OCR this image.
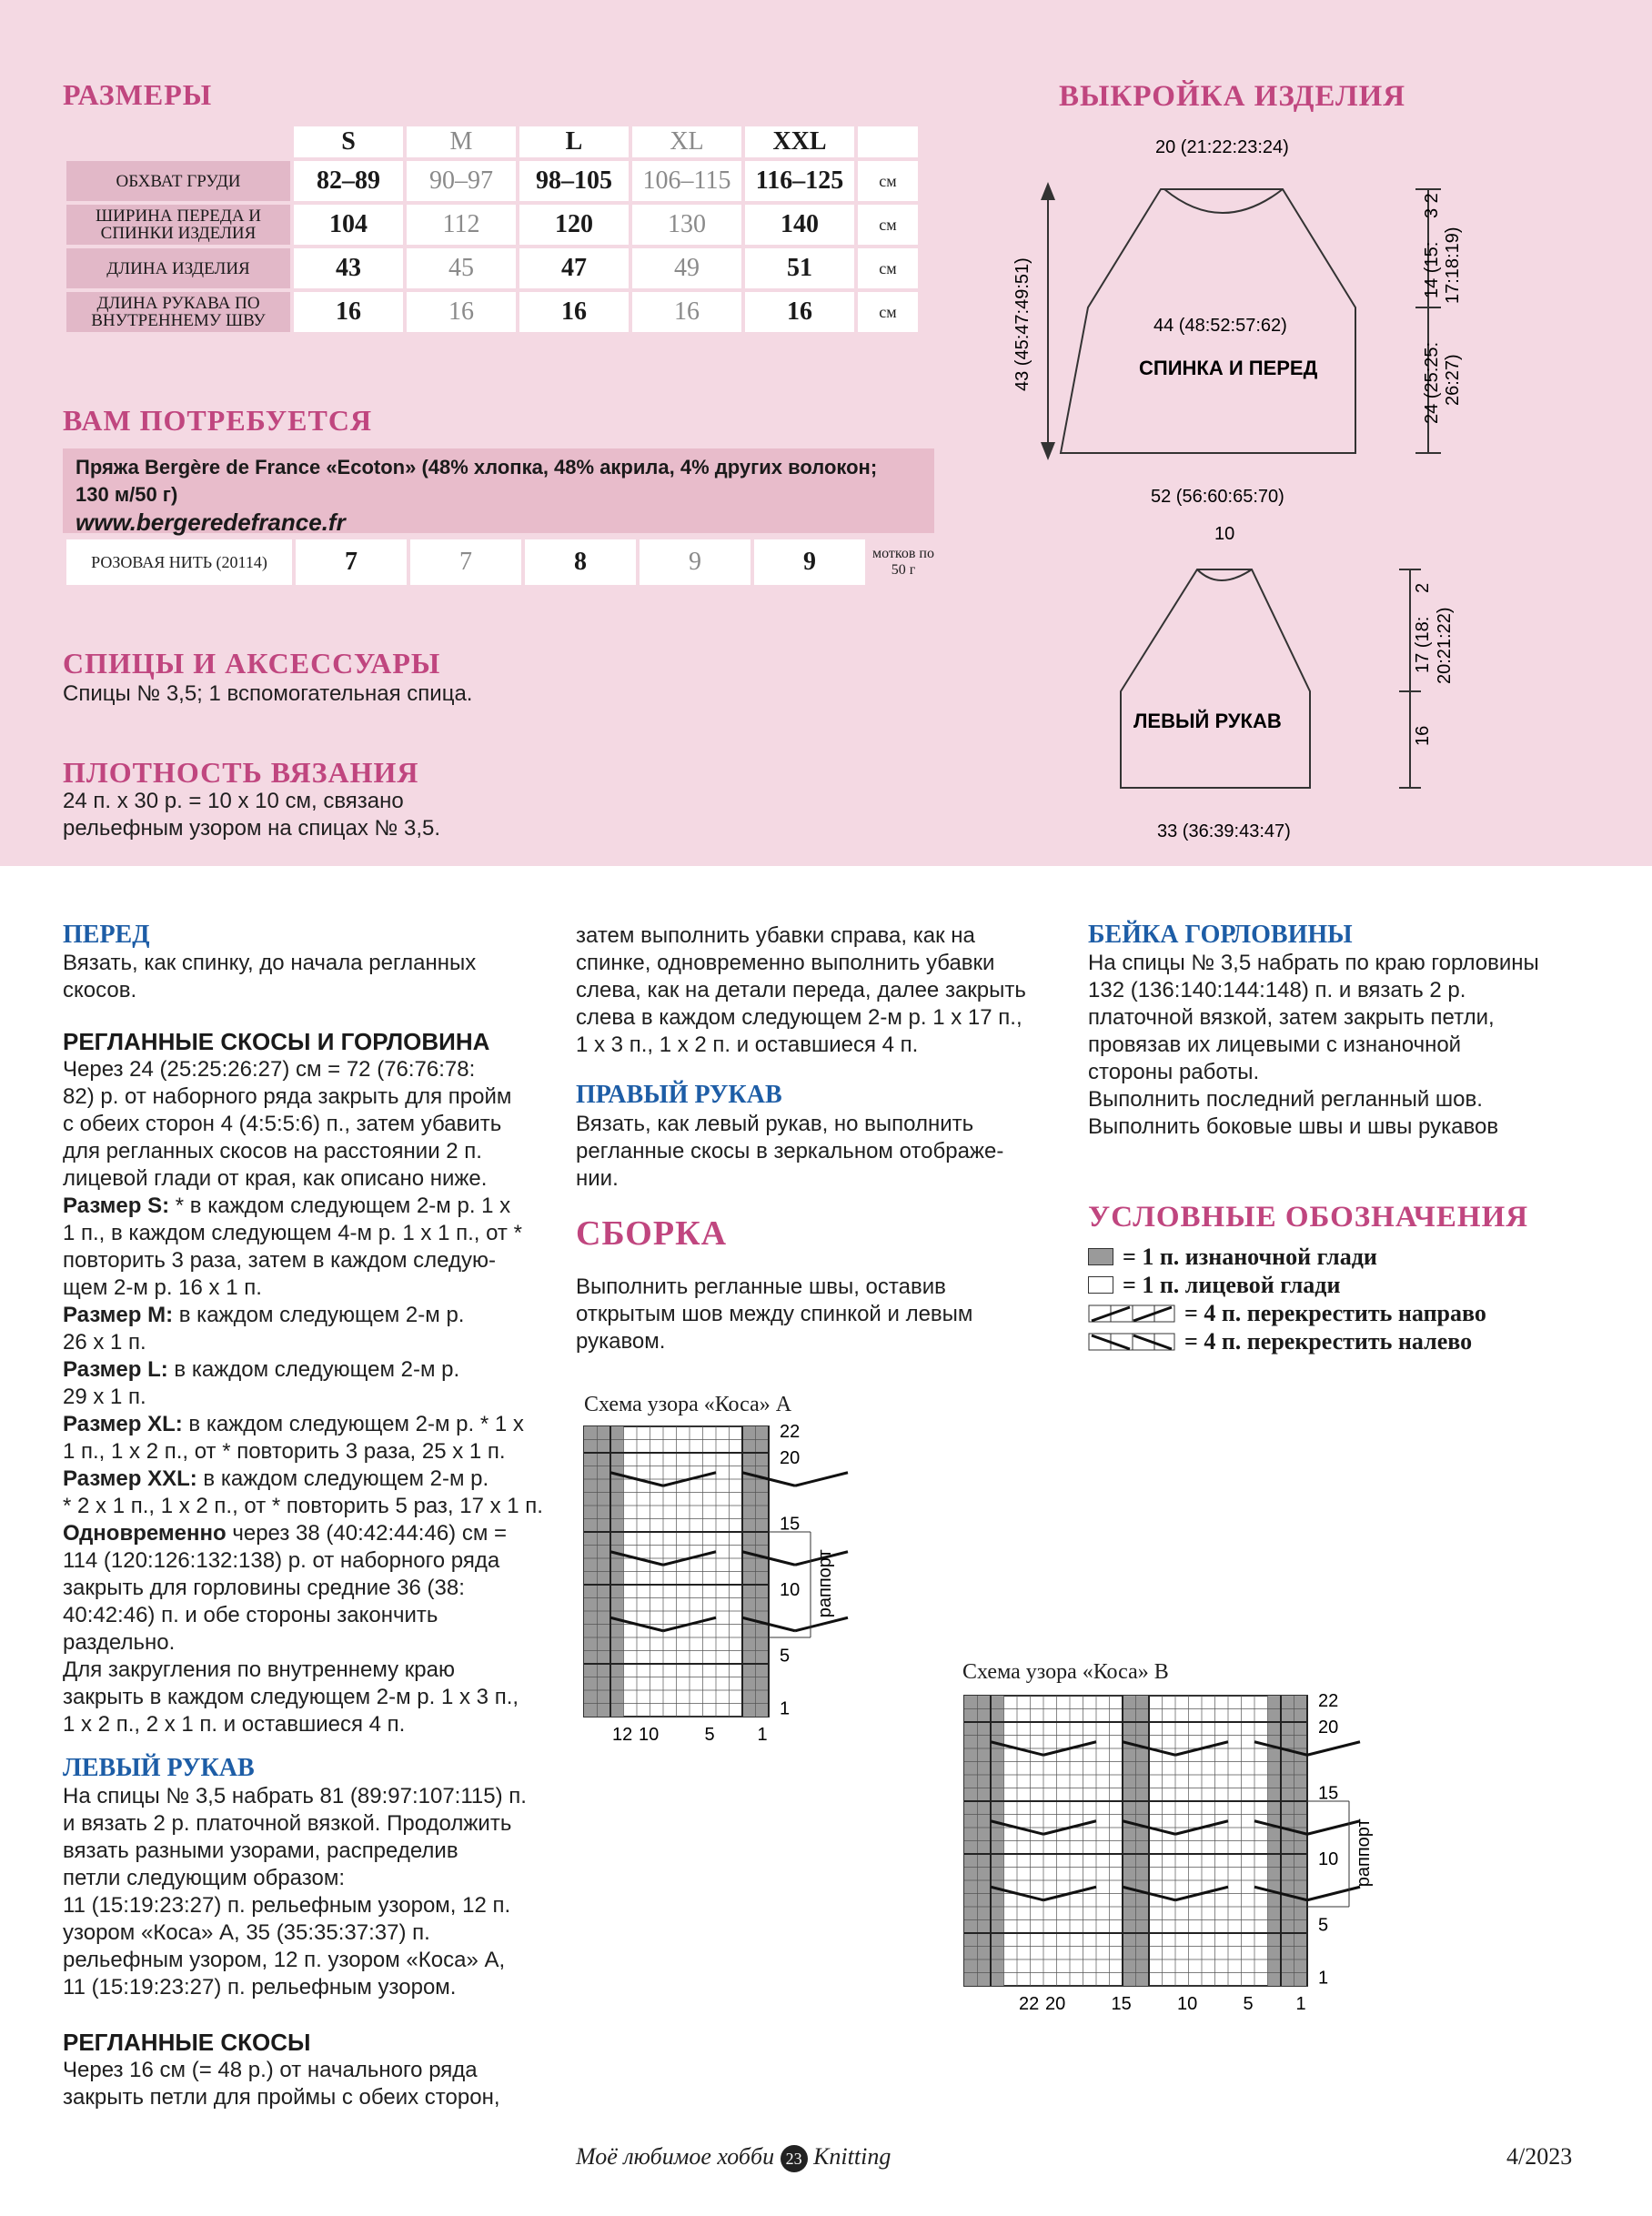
РАЗМЕРЫ
	S	M	L	XL	XXL	
ОБХВАТ ГРУДИ	82–89	90–97	98–105	106–115	116–125	см
ШИРИНА ПЕРЕДА И СПИНКИ ИЗДЕЛИЯ	104	112	120	130	140	см
ДЛИНА ИЗДЕЛИЯ	43	45	47	49	51	см
ДЛИНА РУКАВА ПО ВНУТРЕННЕМУ ШВУ	16	16	16	16	16	см
ВАМ ПОТРЕБУЕТСЯ
Пряжа Bergère de France «Ecoton» (48% хлопка, 48% акрила, 4% других волокон;
130 м/50 г)
www.bergeredefrance.fr
РОЗОВАЯ НИТЬ (20114)	7	7	8	9	9	мотков по 50 г
СПИЦЫ И АКСЕССУАРЫ
Спицы № 3,5; 1 вспомогательная спица.
ПЛОТНОСТЬ ВЯЗАНИЯ

24 п. x 30 р. = 10 x 10 см, связано

рельефным узором на спицах № 3,5.

ВЫКРОЙКА ИЗДЕЛИЯ
20 (21:22:23:24)
44 (48:52:57:62)
СПИНКА И ПЕРЕД
52 (56:60:65:70)
43 (45:47:49:51)
3 2
14 (15: 17:18:19)
24 (25:25: 26:27)
10
2
17 (18: 20:21:22)
16
ЛЕВЫЙ РУКАВ
33 (36:39:43:47)
ПЕРЕД

Вязать, как спинку, до начала регланных

скосов.

РЕГЛАННЫЕ СКОСЫ И ГОРЛОВИНА

Через 24 (25:25:26:27) см = 72 (76:76:78:

82) р. от наборного ряда закрыть для пройм

с обеих сторон 4 (4:5:5:6) п., затем убавить

для регланных скосов на расстоянии 2 п.

лицевой глади от края, как описано ниже.

Размер S: * в каждом следующем 2-м р. 1 х

1 п., в каждом следующем 4-м р. 1 х 1 п., от *

повторить 3 раза, затем в каждом следую-

щем 2-м р. 16 х 1 п.

Размер M: в каждом следующем 2-м р.

26 х 1 п.

Размер L: в каждом следующем 2-м р.

29 х 1 п.

Размер XL: в каждом следующем 2-м р. * 1 х

1 п., 1 х 2 п., от * повторить 3 раза, 25 х 1 п.

Размер XXL: в каждом следующем 2-м р.

* 2 х 1 п., 1 х 2 п., от * повторить 5 раз, 17 х 1 п.

Одновременно через 38 (40:42:44:46) см =

114 (120:126:132:138) р. от наборного ряда

закрыть для горловины средние 36 (38:

40:42:46) п. и обе стороны закончить

раздельно.

Для закругления по внутреннему краю

закрыть в каждом следующем 2-м р. 1 х 3 п.,

1 х 2 п., 2 х 1 п. и оставшиеся 4 п.

ЛЕВЫЙ РУКАВ

На спицы № 3,5 набрать 81 (89:97:107:115) п.

и вязать 2 р. платочной вязкой. Продолжить

вязать разными узорами, распределив

петли следующим образом:

11 (15:19:23:27) п. рельефным узором, 12 п.

узором «Коса» А, 35 (35:35:37:37) п.

рельефным узором, 12 п. узором «Коса» А,

11 (15:19:23:27) п. рельефным узором.

РЕГЛАННЫЕ СКОСЫ

Через 16 см (= 48 р.) от начального ряда

закрыть петли для проймы с обеих сторон,

затем выполнить убавки справа, как на

спинке, одновременно выполнить убавки

слева, как на детали переда, далее закрыть

слева в каждом следующем 2-м р. 1 х 17 п.,

1 х 3 п., 1 х 2 п. и оставшиеся 4 п.

ПРАВЫЙ РУКАВ

Вязать, как левый рукав, но выполнить

регланные скосы в зеркальном отображе-

нии.

СБОРКА

Выполнить регланные швы, оставив

открытым шов между спинкой и левым

рукавом.

БЕЙКА ГОРЛОВИНЫ

На спицы № 3,5 набрать по краю горловины

132 (136:140:144:148) п. и вязать 2 р.

платочной вязкой, затем закрыть петли,

провязав их лицевыми с изнаночной

стороны работы.

Выполнить последний регланный шов.

Выполнить боковые швы и швы рукавов

УСЛОВНЫЕ ОБОЗНАЧЕНИЯ
= 1 п. изнаночной глади
= 1 п. лицевой глади
= 4 п. перекрестить направо
= 4 п. перекрестить налево
Схема узора «Коса» А
22
20
15
10
5
1
12 10	5 1
раппорт
Схема узора «Коса» В
22
20
15
10
5
1
22 20	15	10	5 1
раппорт
Моё любимое хобби 23 Knitting	4/2023
